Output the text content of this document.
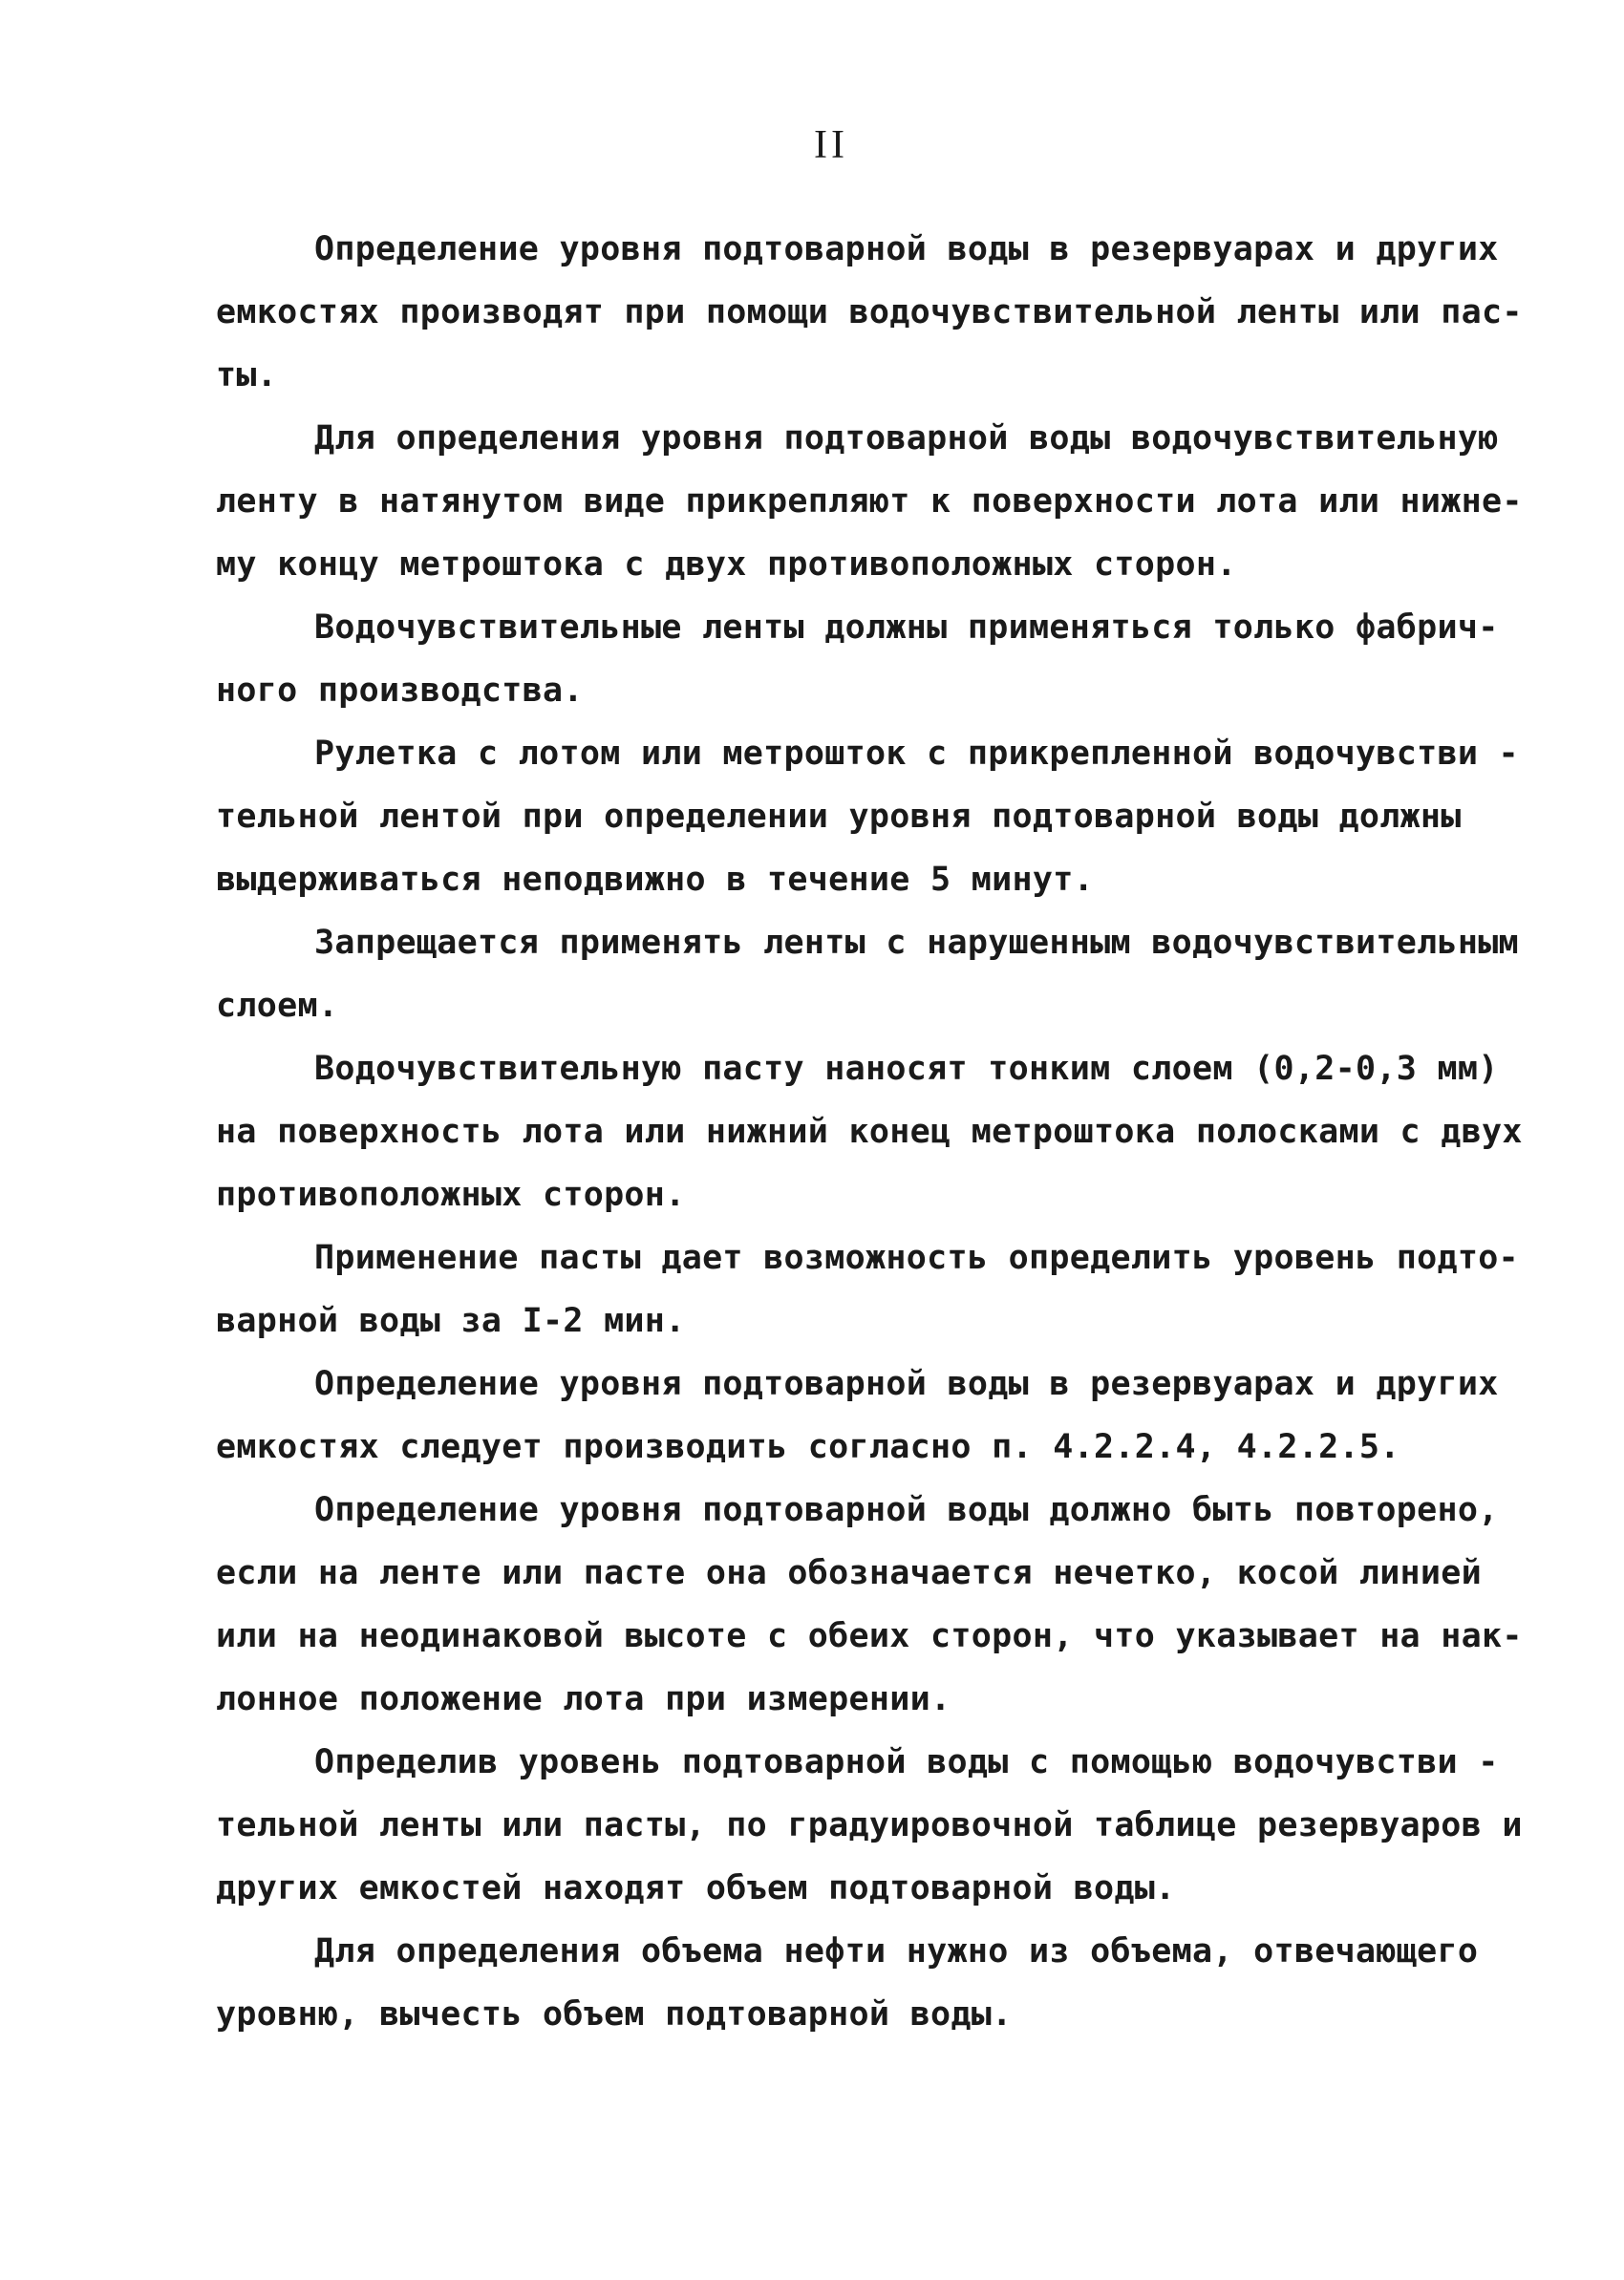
II
Определение уровня подтоварной воды в резервуарах и других
емкостях производят при помощи водочувствительной ленты или пас-
ты.
Для определения уровня подтоварной воды водочувствительную
ленту в натянутом виде прикрепляют к поверхности лота или нижне-
му концу метроштока с двух противоположных сторон.
Водочувствительные ленты должны применяться только фабрич-
ного производства.
Рулетка с лотом или метрошток с прикрепленной водочувстви -
тельной лентой при определении уровня подтоварной воды должны
выдерживаться неподвижно в течение 5 минут.
Запрещается применять ленты с нарушенным водочувствительным
слоем.
Водочувствительную пасту наносят тонким слоем (0,2-0,3 мм)
на поверхность лота или нижний конец метроштока полосками с двух
противоположных сторон.
Применение пасты дает возможность определить уровень подто-
варной воды за I-2 мин.
Определение уровня подтоварной воды в резервуарах и других
емкостях следует производить согласно п. 4.2.2.4, 4.2.2.5.
Определение уровня подтоварной воды должно быть повторено,
если на ленте или пасте она обозначается нечетко, косой линией
или на неодинаковой высоте с обеих сторон, что указывает на нак-
лонное положение лота при измерении.
Определив уровень подтоварной воды с помощью водочувстви -
тельной ленты или пасты, по градуировочной таблице резервуаров и
других емкостей находят объем подтоварной воды.
Для определения объема нефти нужно из объема, отвечающего
уровню, вычесть объем подтоварной воды.
